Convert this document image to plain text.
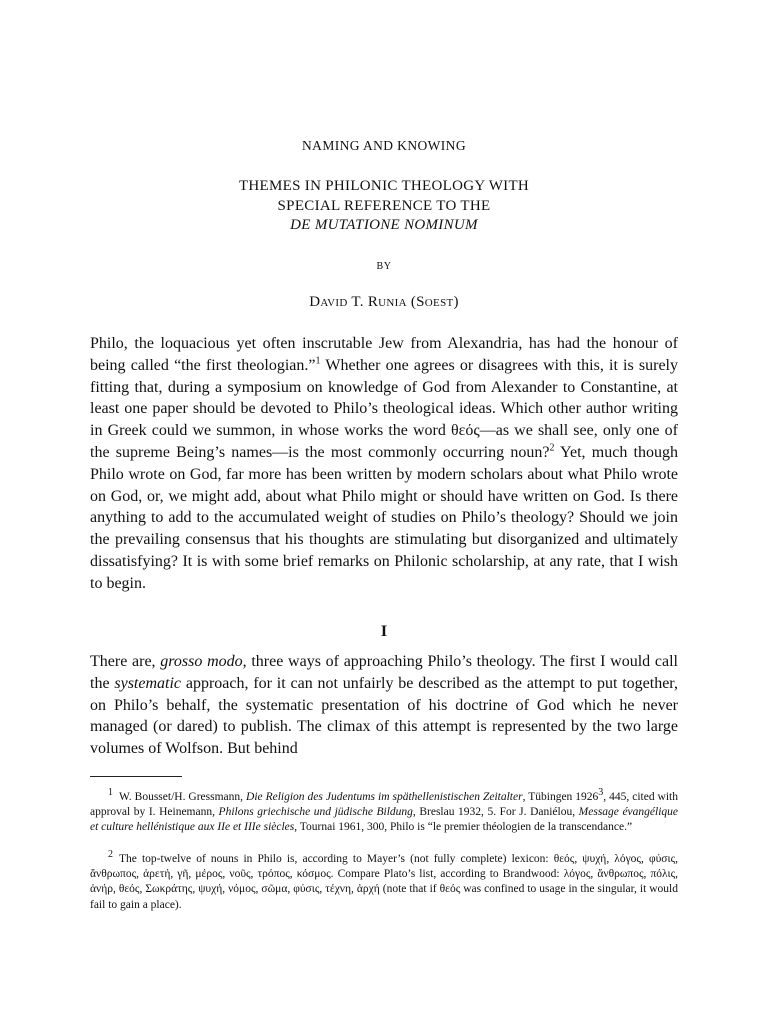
NAMING AND KNOWING
THEMES IN PHILONIC THEOLOGY WITH
SPECIAL REFERENCE TO THE
DE MUTATIONE NOMINUM
BY
David T. Runia (Soest)
Philo, the loquacious yet often inscrutable Jew from Alexandria, has had the honour of being called “the first theologian.”$^1$ Whether one agrees or disagrees with this, it is surely fitting that, during a symposium on knowledge of God from Alexander to Constantine, at least one paper should be devoted to Philo’s theological ideas. Which other author writing in Greek could we summon, in whose works the word θεός—as we shall see, only one of the supreme Being’s names—is the most commonly occurring noun?$^2$ Yet, much though Philo wrote on God, far more has been written by modern scholars about what Philo wrote on God, or, we might add, about what Philo might or should have written on God. Is there anything to add to the accumulated weight of studies on Philo’s theology? Should we join the prevailing consensus that his thoughts are stimulating but disorganized and ultimately dissatisfying? It is with some brief remarks on Philonic scholarship, at any rate, that I wish to begin.
I
There are, grosso modo, three ways of approaching Philo’s theology. The first I would call the systematic approach, for it can not unfairly be described as the attempt to put together, on Philo’s behalf, the systematic presentation of his doctrine of God which he never managed (or dared) to publish. The climax of this attempt is represented by the two large volumes of Wolfson. But behind
$^1$ W. Bousset/H. Gressmann, Die Religion des Judentums im späthellenistischen Zeitalter, Tübingen 1926$^3$, 445, cited with approval by I. Heinemann, Philons griechische und jüdische Bildung, Breslau 1932, 5. For J. Daniélou, Message évangélique et culture hellénistique aux IIe et IIIe siècles, Tournai 1961, 300, Philo is “le premier théologien de la transcendance.”
$^2$ The top-twelve of nouns in Philo is, according to Mayer’s (not fully complete) lexicon: θεός, ψυχή, λόγος, φύσις, ἄνθρωπος, ἀρετή, γῆ, μέρος, νοῦς, τρόπος, κόσμος. Compare Plato’s list, according to Brandwood: λόγος, ἄνθρωπος, πόλις, ἀνήρ, θεός, Σωκράτης, ψυχή, νόμος, σῶμα, φύσις, τέχνη, ἀρχή (note that if θεός was confined to usage in the singular, it would fail to gain a place).
